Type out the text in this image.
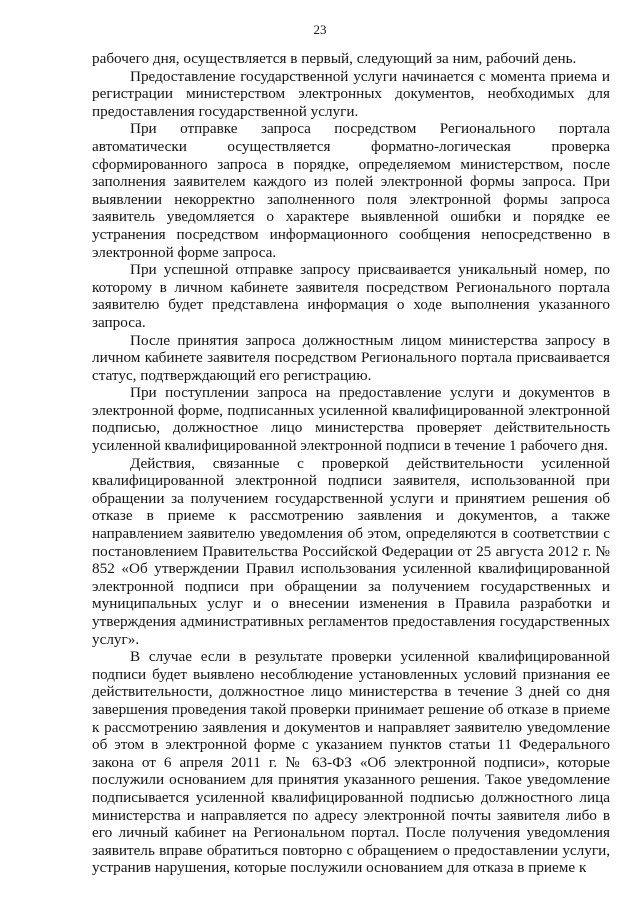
23

рабочего дня, осуществляется в первый, следующий за ним, рабочий день.

Предоставление государственной услуги начинается с момента приема и регистрации министерством электронных документов, необходимых для предоставления государственной услуги.

При отправке запроса посредством Регионального портала автоматически осуществляется форматно-логическая проверка сформированного запроса в порядке, определяемом министерством, после заполнения заявителем каждого из полей электронной формы запроса. При выявлении некорректно заполненного поля электронной формы запроса заявитель уведомляется о характере выявленной ошибки и порядке ее устранения посредством информационного сообщения непосредственно в электронной форме запроса.

При успешной отправке запросу присваивается уникальный номер, по которому в личном кабинете заявителя посредством Регионального портала заявителю будет представлена информация о ходе выполнения указанного запроса.

После принятия запроса должностным лицом министерства запросу в личном кабинете заявителя посредством Регионального портала присваивается статус, подтверждающий его регистрацию.

При поступлении запроса на предоставление услуги и документов в электронной форме, подписанных усиленной квалифицированной электронной подписью, должностное лицо министерства проверяет действительность усиленной квалифицированной электронной подписи в течение 1 рабочего дня.

Действия, связанные с проверкой действительности усиленной квалифицированной электронной подписи заявителя, использованной при обращении за получением государственной услуги и принятием решения об отказе в приеме к рассмотрению заявления и документов, а также направлением заявителю уведомления об этом, определяются в соответствии с постановлением Правительства Российской Федерации от 25 августа 2012 г. № 852 «Об утверждении Правил использования усиленной квалифицированной электронной подписи при обращении за получением государственных и муниципальных услуг и о внесении изменения в Правила разработки и утверждения административных регламентов предоставления государственных услуг».

В случае если в результате проверки усиленной квалифицированной подписи будет выявлено несоблюдение установленных условий признания ее действительности, должностное лицо министерства в течение 3 дней со дня завершения проведения такой проверки принимает решение об отказе в приеме к рассмотрению заявления и документов и направляет заявителю уведомление об этом в электронной форме с указанием пунктов статьи 11 Федерального закона от 6 апреля 2011 г. № 63-ФЗ «Об электронной подписи», которые послужили основанием для принятия указанного решения. Такое уведомление подписывается усиленной квалифицированной подписью должностного лица министерства и направляется по адресу электронной почты заявителя либо в его личный кабинет на Региональном портал. После получения уведомления заявитель вправе обратиться повторно с обращением о предоставлении услуги, устранив нарушения, которые послужили основанием для отказа в приеме к
